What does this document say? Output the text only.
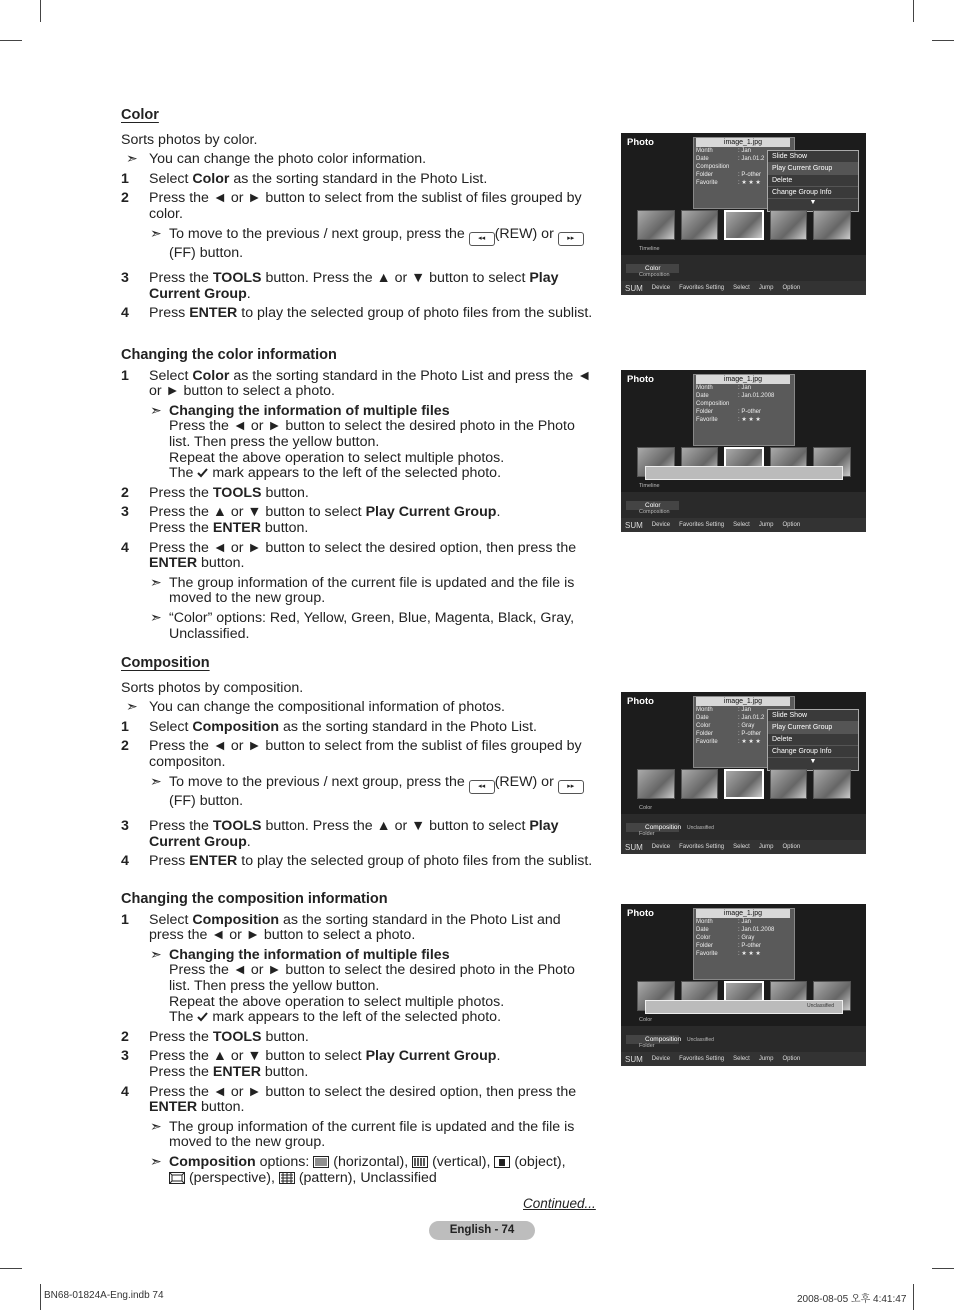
Color
Sorts photos by color.
➣ You can change the photo color information.
1 Select Color as the sorting standard in the Photo List.
2 Press the ◄ or ► button to select from the sublist of files grouped by color.
➣ To move to the previous / next group, press the ◂◂ (REW) or ▸▸
(FF) button.
3 Press the TOOLS button. Press the ▲ or ▼ button to select Play Current Group.
4 Press ENTER to play the selected group of photo files from the sublist.
Changing the color information
1 Select Color as the sorting standard in the Photo List and press the ◄ or ► button to select a photo.
➣ Changing the information of multiple files
Press the ◄ or ► button to select the desired photo in the Photo list. Then press the yellow button.
Repeat the above operation to select multiple photos.
The mark appears to the left of the selected photo.
2 Press the TOOLS button.
3 Press the ▲ or ▼ button to select Play Current Group.
Press the ENTER button.
4 Press the ◄ or ► button to select the desired option, then press the ENTER button.
➣ The group information of the current file is updated and the file is moved to the new group.
➣ “Color” options: Red, Yellow, Green, Blue, Magenta, Black, Gray, Unclassified.
Composition
Sorts photos by composition.
➣ You can change the compositional information of photos.
1 Select Composition as the sorting standard in the Photo List.
2 Press the ◄ or ► button to select from the sublist of files grouped by compositon.
➣ To move to the previous / next group, press the ◂◂ (REW) or ▸▸
(FF) button.
3 Press the TOOLS button. Press the ▲ or ▼ button to select Play Current Group.
4 Press ENTER to play the selected group of photo files from the sublist.
Changing the composition information
1 Select Composition as the sorting standard in the Photo List and press the ◄ or ► button to select a photo.
➣ Changing the information of multiple files
Press the ◄ or ► button to select the desired photo in the Photo list. Then press the yellow button.
Repeat the above operation to select multiple photos.
The mark appears to the left of the selected photo.
2 Press the TOOLS button.
3 Press the ▲ or ▼ button to select Play Current Group.
Press the ENTER button.
4 Press the ◄ or ► button to select the desired option, then press the ENTER button.
➣ The group information of the current file is updated and the file is moved to the new group.
➣ Composition options:  (horizontal), (vertical), (object),
(perspective), (pattern), Unclassified
Photo	image_1.jpg
Month	: Jan
Date	: Jan.01.2
Composition
Folder	: P-other
Favorite	: ★ ★ ★
Slide Show
Play Current Group
Delete
Change Group Info
▼
Timeline
Color
Composition
SUM Device Favorites Setting Select Jump Option
Photo	image_1.jpg
Month	: Jan
Date	: Jan.01.2008
Composition
Folder	: P-other
Favorite	: ★ ★ ★
Timeline
Color
Composition
SUM Device Favorites Setting Select Jump Option
Photo	image_1.jpg
Month	: Jan
Date	: Jan.01.2
Color	: Gray
Folder	: P-other
Favorite	: ★ ★ ★
Slide Show
Play Current Group
Delete
Change Group Info
▼
Color
Composition Unclassified
Folder
SUM Device Favorites Setting Select Jump Option
Photo	image_1.jpg
Month	: Jan
Date	: Jan.01.2008
Color	: Gray
Folder	: P-other
Favorite	: ★ ★ ★
Unclassified
Color
Composition Unclassified
Folder
SUM Device Favorites Setting Select Jump Option
Continued...
English - 74
BN68-01824A-Eng.indb 74	2008-08-05 오후 4:41:47
